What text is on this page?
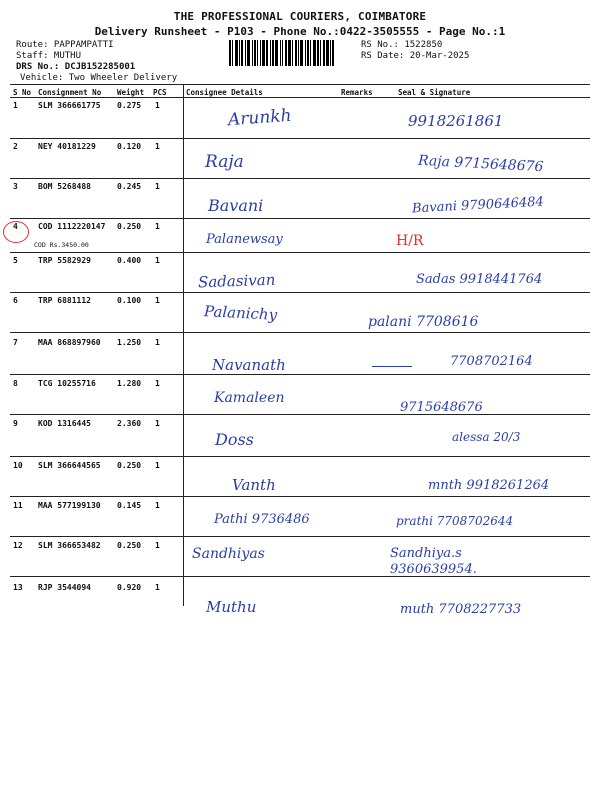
THE PROFESSIONAL COURIERS, COIMBATORE
Delivery Runsheet - P103 - Phone No.:0422-3505555 - Page No.:1
Route: PAPPAMPATTI
Staff: MUTHU
DRS No.: DCJB152285001
Vehicle: Two Wheeler Delivery
RS No.: 1522850
RS Date: 20-Mar-2025
S No Consignment No Weight PCS	Consignee Details	Remarks	Seal & Signature
1	SLM 366661775 0.275 1
Arunkh	9918261861
2	NEY 40181229	0.120 1
Raja	Raja 9715648676
3	BOM 5268488	0.245 1
Bavani	Bavani 9790646484
4	COD 1112220147 0.250 1
COD Rs.3450.00	Palanewsay	H/R
5	TRP 5582929	0.400 1
Sadasivan	Sadas 9918441764
6	TRP 6881112	0.100 1
Palanichy	palani 7708616
7	MAA 868897960 1.250 1
Navanath	7708702164
8	TCG 10255716	1.280 1
Kamaleen
9715648676
9	KOD 1316445	2.360 1
Doss	alessa 20/3
10 SLM 366644565 0.250 1
Vanth	mnth 9918261264
11 MAA 577199130 0.145 1
Pathi 9736486	prathi 7708702644
12 SLM 366653482 0.250 1
Sandhiyas	Sandhiya.s 9360639954.
13 RJP 3544094	0.920 1
Muthu	muth 7708227733
